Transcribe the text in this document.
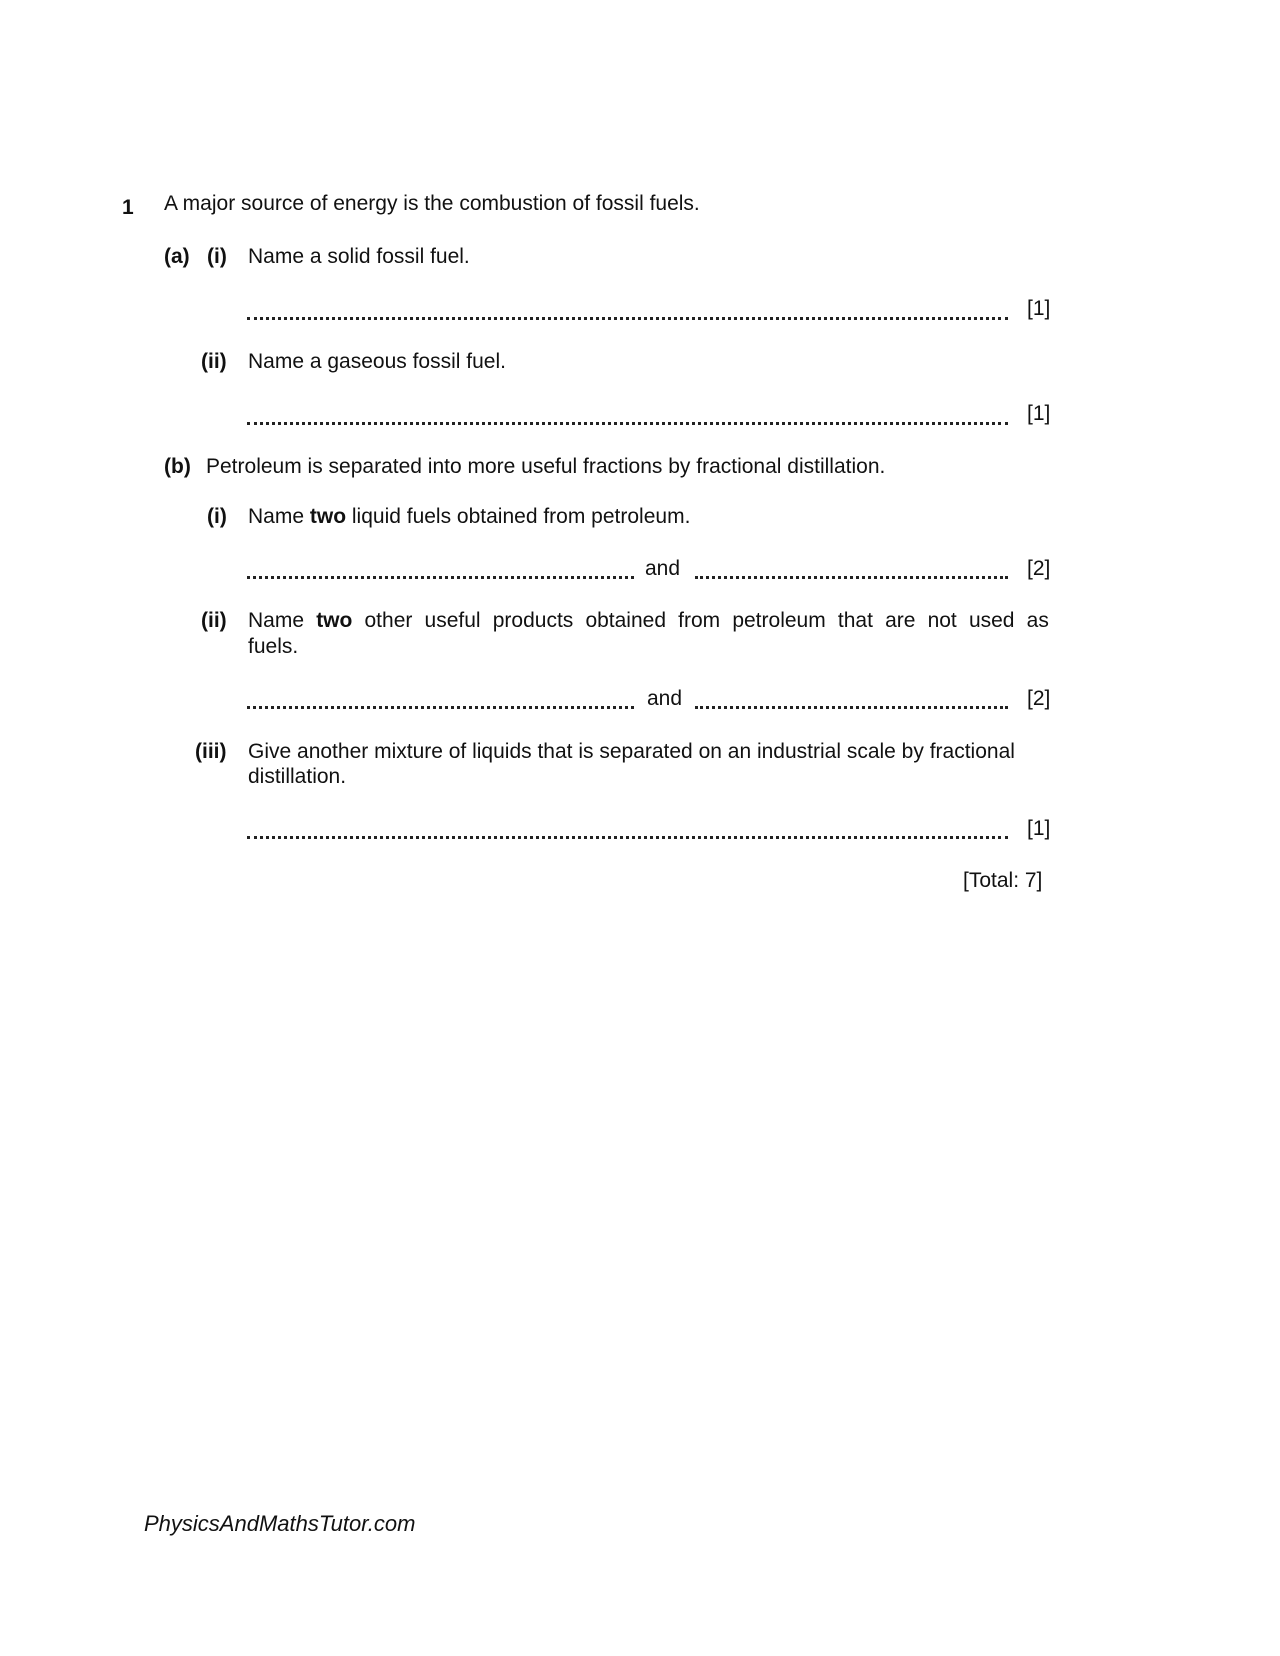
1 A major source of energy is the combustion of fossil fuels.
(a) (i) Name a solid fossil fuel.
[1]
(ii) Name a gaseous fossil fuel.
[1]
(b) Petroleum is separated into more useful fractions by fractional distillation.
(i) Name two liquid fuels obtained from petroleum.
and	[2]
(ii) Name two other useful products obtained from petroleum that are not used as
fuels.
and	[2]
(iii) Give another mixture of liquids that is separated on an industrial scale by fractional
distillation.
[1]
[Total: 7]
PhysicsAndMathsTutor.com
